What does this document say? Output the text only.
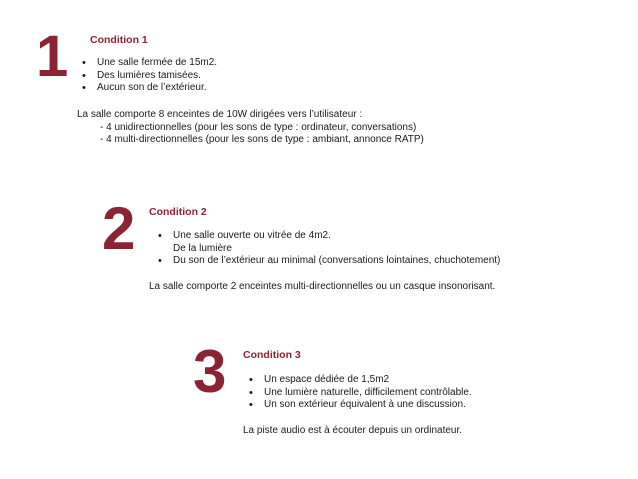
1 Condition 1
• Une salle fermée de 15m2.
• Des lumières tamisées.
• Aucun son de l’extérieur.
La salle comporte 8 enceintes de 10W dirigées vers l’utilisateur :
- 4 unidirectionnelles (pour les sons de type : ordinateur, conversations)
- 4 multi-directionnelles (pour les sons de type : ambiant, annonce RATP)
2 Condition 2
• Une salle ouverte ou vitrée de 4m2.
De la lumière
• Du son de l’extérieur au minimal (conversations lointaines, chuchotement)
La salle comporte 2 enceintes multi-directionnelles ou un casque insonorisant.
3 Condition 3
• Un espace dédiée de 1,5m2
• Une lumière naturelle, difficilement contrôlable.
• Un son extérieur équivalent à une discussion.
La piste audio est à écouter depuis un ordinateur.
